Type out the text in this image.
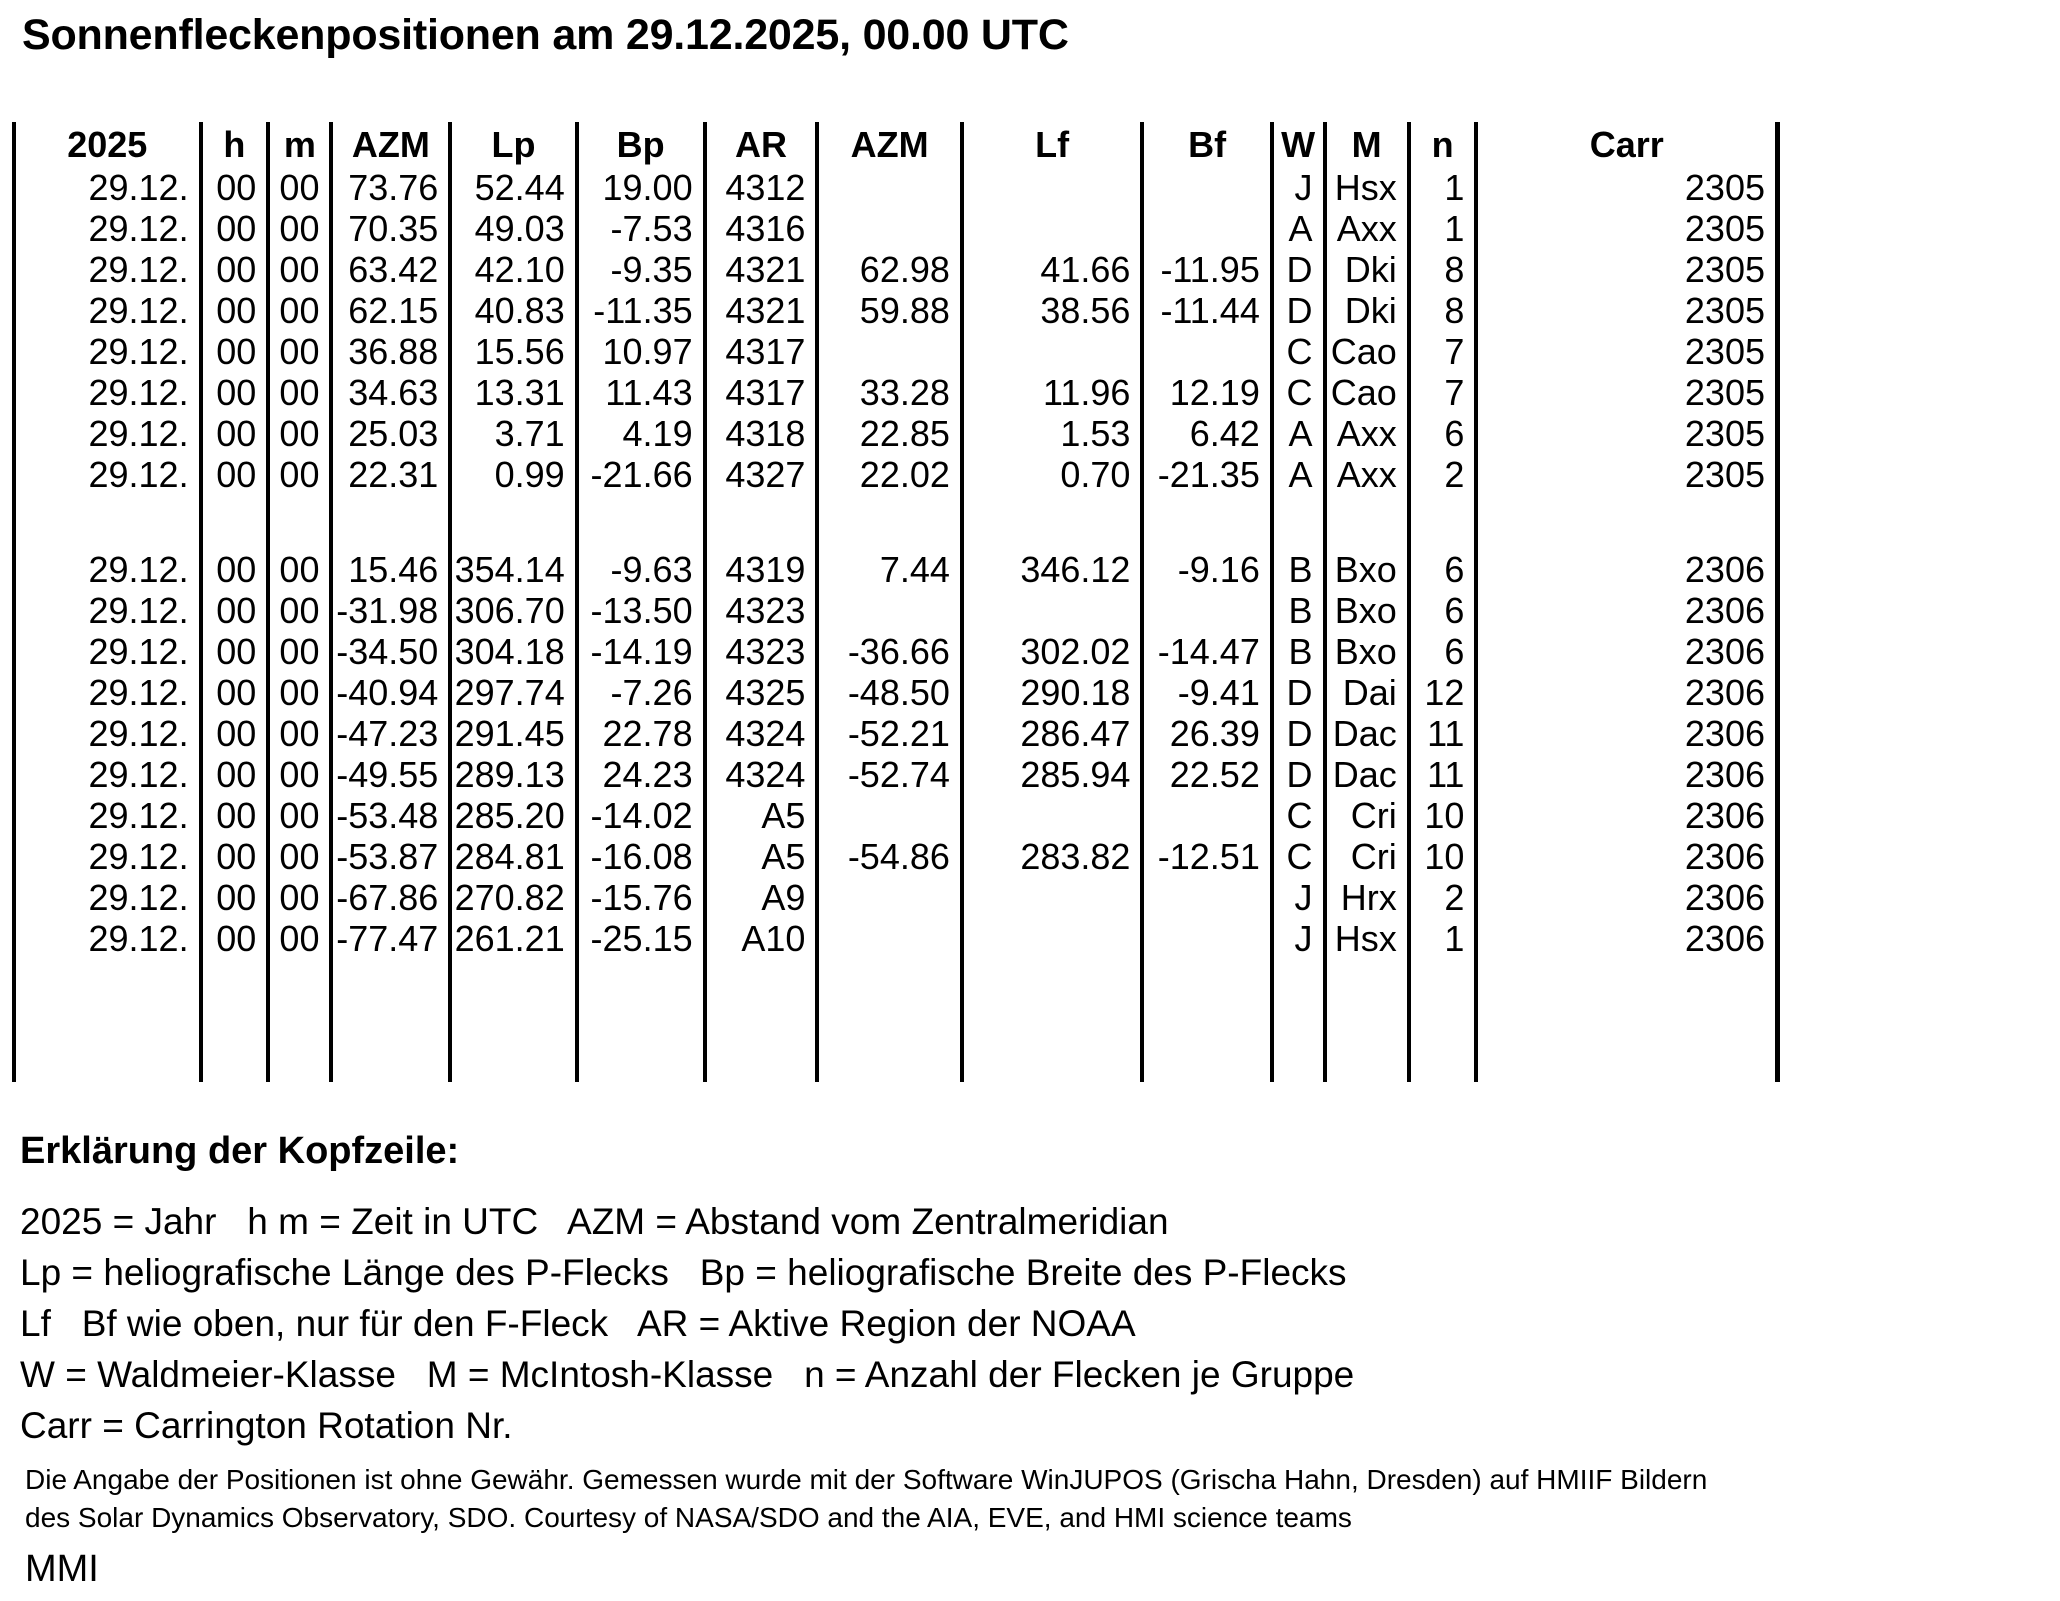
Sonnenfleckenpositionen am 29.12.2025, 00.00 UTC
2025	h	m	AZM	Lp	Bp	AR	AZM	Lf	Bf	W	M	n	Carr
29.12.	00	00	73.76	52.44	19.00	4312				J	Hsx	1	2305
29.12.	00	00	70.35	49.03	-7.53	4316				A	Axx	1	2305
29.12.	00	00	63.42	42.10	-9.35	4321	62.98	41.66	-11.95	D	Dki	8	2305
29.12.	00	00	62.15	40.83	-11.35	4321	59.88	38.56	-11.44	D	Dki	8	2305
29.12.	00	00	36.88	15.56	10.97	4317				C	Cao	7	2305
29.12.	00	00	34.63	13.31	11.43	4317	33.28	11.96	12.19	C	Cao	7	2305
29.12.	00	00	25.03	3.71	4.19	4318	22.85	1.53	6.42	A	Axx	6	2305
29.12.	00	00	22.31	0.99	-21.66	4327	22.02	0.70	-21.35	A	Axx	2	2305

29.12.	00	00	15.46	354.14	-9.63	4319	7.44	346.12	-9.16	B	Bxo	6	2306
29.12.	00	00	-31.98	306.70	-13.50	4323				B	Bxo	6	2306
29.12.	00	00	-34.50	304.18	-14.19	4323	-36.66	302.02	-14.47	B	Bxo	6	2306
29.12.	00	00	-40.94	297.74	-7.26	4325	-48.50	290.18	-9.41	D	Dai	12	2306
29.12.	00	00	-47.23	291.45	22.78	4324	-52.21	286.47	26.39	D	Dac	11	2306
29.12.	00	00	-49.55	289.13	24.23	4324	-52.74	285.94	22.52	D	Dac	11	2306
29.12.	00	00	-53.48	285.20	-14.02	A5				C	Cri	10	2306
29.12.	00	00	-53.87	284.81	-16.08	A5	-54.86	283.82	-12.51	C	Cri	10	2306
29.12.	00	00	-67.86	270.82	-15.76	A9				J	Hrx	2	2306
29.12.	00	00	-77.47	261.21	-25.15	A10				J	Hsx	1	2306

Erklärung der Kopfzeile:
2025 = Jahr   h m = Zeit in UTC   AZM = Abstand vom Zentralmeridian
Lp = heliografische Länge des P-Flecks   Bp = heliografische Breite des P-Flecks
Lf   Bf wie oben, nur für den F-Fleck   AR = Aktive Region der NOAA
W = Waldmeier-Klasse   M = McIntosh-Klasse   n = Anzahl der Flecken je Gruppe
Carr = Carrington Rotation Nr.
Die Angabe der Positionen ist ohne Gewähr. Gemessen wurde mit der Software WinJUPOS (Grischa Hahn, Dresden) auf HMIIF Bildern
des Solar Dynamics Observatory, SDO. Courtesy of NASA/SDO and the AIA, EVE, and HMI science teams
MMI
